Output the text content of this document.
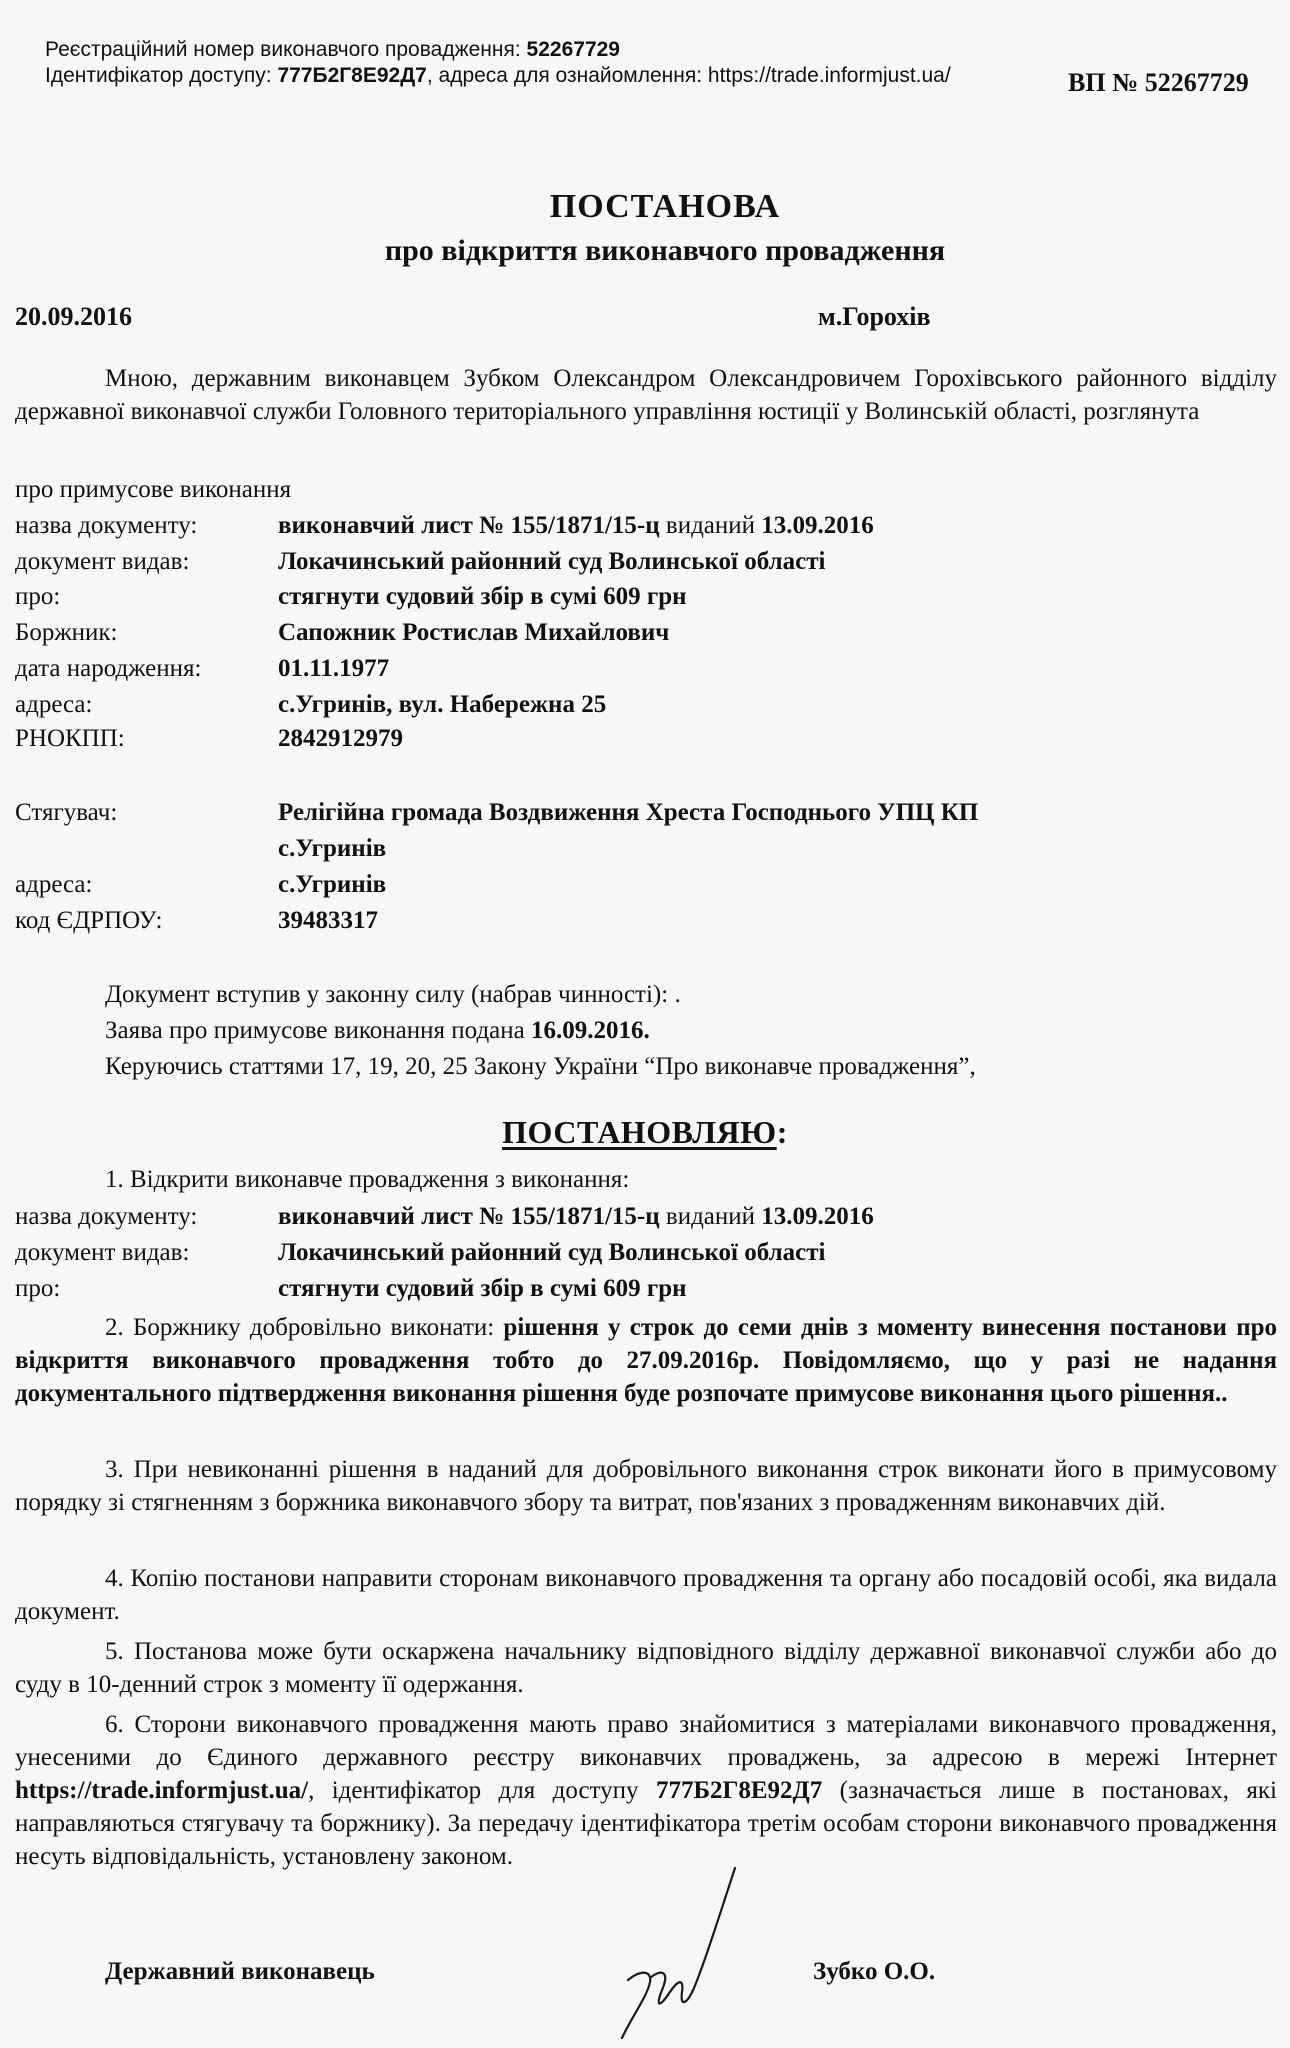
Реєстраційний номер виконавчого провадження: 52267729
Ідентифікатор доступу: 777Б2Г8Е92Д7, адреса для ознайомлення: https://trade.informjust.ua/	ВП № 52267729
ПОСТАНОВА
про відкриття виконавчого провадження
20.09.2016	м.Горохів
Мною, державним виконавцем Зубком Олександром Олександровичем Горохівського районного відділу державної виконавчої служби Головного територіального управління юстиції у Волинській області, розглянута
про примусове виконання
назва документу:	виконавчий лист № 155/1871/15-ц виданий 13.09.2016
документ видав:	Локачинський районний суд Волинської області
про:	стягнути судовий збір в сумі 609 грн
Боржник:	Сапожник Ростислав Михайлович
дата народження:	01.11.1977
адреса:	с.Угринів, вул. Набережна 25
РНОКПП:	2842912979
Стягувач:	Релігійна громада Воздвиження Хреста Господнього УПЦ КП
с.Угринів
адреса:	с.Угринів
код ЄДРПОУ:	39483317
Документ вступив у законну силу (набрав чинності): .
Заява про примусове виконання подана 16.09.2016.
Керуючись статтями 17, 19, 20, 25 Закону України “Про виконавче провадження”,
ПОСТАНОВЛЯЮ:
1. Відкрити виконавче провадження з виконання:
назва документу:	виконавчий лист № 155/1871/15-ц виданий 13.09.2016
документ видав:	Локачинський районний суд Волинської області
про:	стягнути судовий збір в сумі 609 грн
2. Боржнику добровільно виконати: рішення у строк до семи днів з моменту винесення постанови про відкриття виконавчого провадження тобто до 27.09.2016р. Повідомляємо, що у разі не надання документального підтвердження виконання рішення буде розпочате примусове виконання цього рішення..
3. При невиконанні рішення в наданий для добровільного виконання строк виконати його в примусовому порядку зі стягненням з боржника виконавчого збору та витрат, пов'язаних з провадженням виконавчих дій.
4. Копію постанови направити сторонам виконавчого провадження та органу або посадовій особі, яка видала документ.
5. Постанова може бути оскаржена начальнику відповідного відділу державної виконавчої служби або до суду в 10-денний строк з моменту її одержання.
6. Сторони виконавчого провадження мають право знайомитися з матеріалами виконавчого провадження, унесеними до Єдиного державного реєстру виконавчих проваджень, за адресою в мережі Інтернет https://trade.informjust.ua/, ідентифікатор для доступу 777Б2Г8Е92Д7 (зазначається лише в постановах, які направляються стягувачу та боржнику). За передачу ідентифікатора третім особам сторони виконавчого провадження несуть відповідальність, установлену законом.
Державний виконавець	Зубко О.О.
